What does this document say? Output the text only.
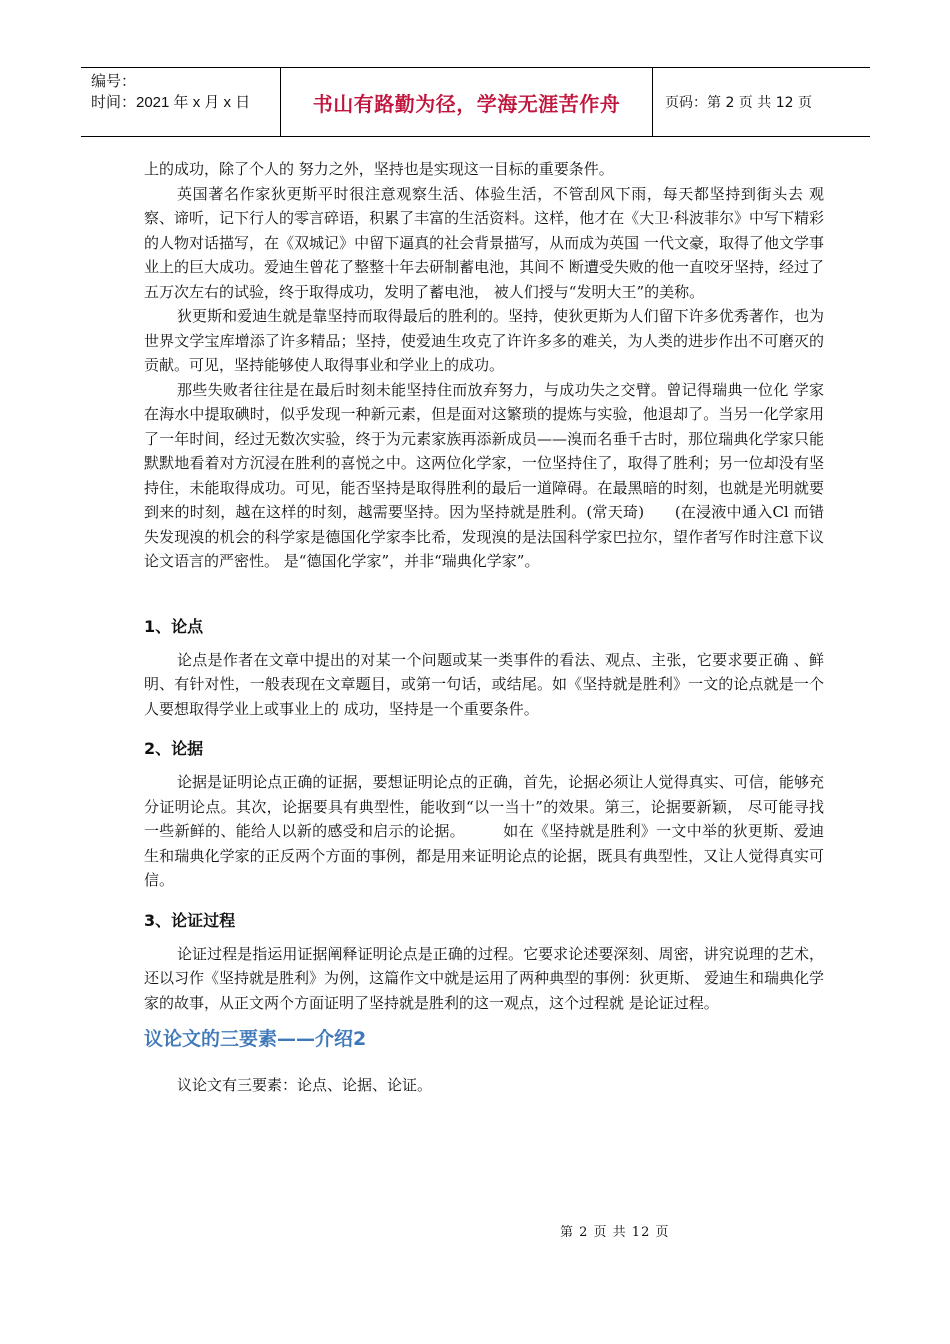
编号：
时间：2021 年 x 月 x 日	书山有路勤为径，学海无涯苦作舟	页码：第 2 页 共 12 页

上的成功，除了个人的 努力之外，坚持也是实现这一目标的重要条件。

英国著名作家狄更斯平时很注意观察生活、体验生活，不管刮风下雨，每天都坚持到街头去 观察、谛听，记下行人的零言碎语，积累了丰富的生活资料。这样，他才在《大卫·科波菲尔》中写下精彩的人物对话描写，在《双城记》中留下逼真的社会背景描写，从而成为英国 一代文豪，取得了他文学事业上的巨大成功。爱迪生曾花了整整十年去研制蓄电池，其间不 断遭受失败的他一直咬牙坚持，经过了五万次左右的试验，终于取得成功，发明了蓄电池， 被人们授与“发明大王”的美称。

狄更斯和爱迪生就是靠坚持而取得最后的胜利的。坚持，使狄更斯为人们留下许多优秀著作，也为世界文学宝库增添了许多精品；坚持，使爱迪生攻克了许许多多的难关，为人类的进步作出不可磨灭的贡献。可见，坚持能够使人取得事业和学业上的成功。

那些失败者往往是在最后时刻未能坚持住而放弃努力，与成功失之交臂。曾记得瑞典一位化 学家在海水中提取碘时，似乎发现一种新元素，但是面对这繁琐的提炼与实验，他退却了。当另一化学家用了一年时间，经过无数次实验，终于为元素家族再添新成员——溴而名垂千古时，那位瑞典化学家只能默默地看着对方沉浸在胜利的喜悦之中。这两位化学家，一位坚持住了，取得了胜利；另一位却没有坚持住，未能取得成功。可见，能否坚持是取得胜利的最后一道障碍。在最黑暗的时刻，也就是光明就要到来的时刻，越在这样的时刻，越需要坚持。因为坚持就是胜利。(常天琦)　　(在浸液中通入Cl 而错失发现溴的机会的科学家是德国化学家李比希，发现溴的是法国科学家巴拉尔，望作者写作时注意下议论文语言的严密性。 是“德国化学家”，并非“瑞典化学家”。

1、论点

论点是作者在文章中提出的对某一个问题或某一类事件的看法、观点、主张，它要求要正确 、鲜明、有针对性，一般表现在文章题目，或第一句话，或结尾。如《坚持就是胜利》一文的论点就是一个人要想取得学业上或事业上的 成功，坚持是一个重要条件。

2、论据

论据是证明论点正确的证据，要想证明论点的正确，首先，论据必须让人觉得真实、可信，能够充分证明论点。其次，论据要具有典型性，能收到“以一当十”的效果。第三，论据要新颖， 尽可能寻找一些新鲜的、能给人以新的感受和启示的论据。　　　如在《坚持就是胜利》一文中举的狄更斯、爱迪生和瑞典化学家的正反两个方面的事例，都是用来证明论点的论据，既具有典型性，又让人觉得真实可信。

3、论证过程

论证过程是指运用证据阐释证明论点是正确的过程。它要求论述要深刻、周密，讲究说理的艺术，还以习作《坚持就是胜利》为例，这篇作文中就是运用了两种典型的事例：狄更斯、 爱迪生和瑞典化学家的故事，从正文两个方面证明了坚持就是胜利的这一观点，这个过程就 是论证过程。

议论文的三要素——介绍2

议论文有三要素：论点、论据、论证。

第 2 页 共 12 页
